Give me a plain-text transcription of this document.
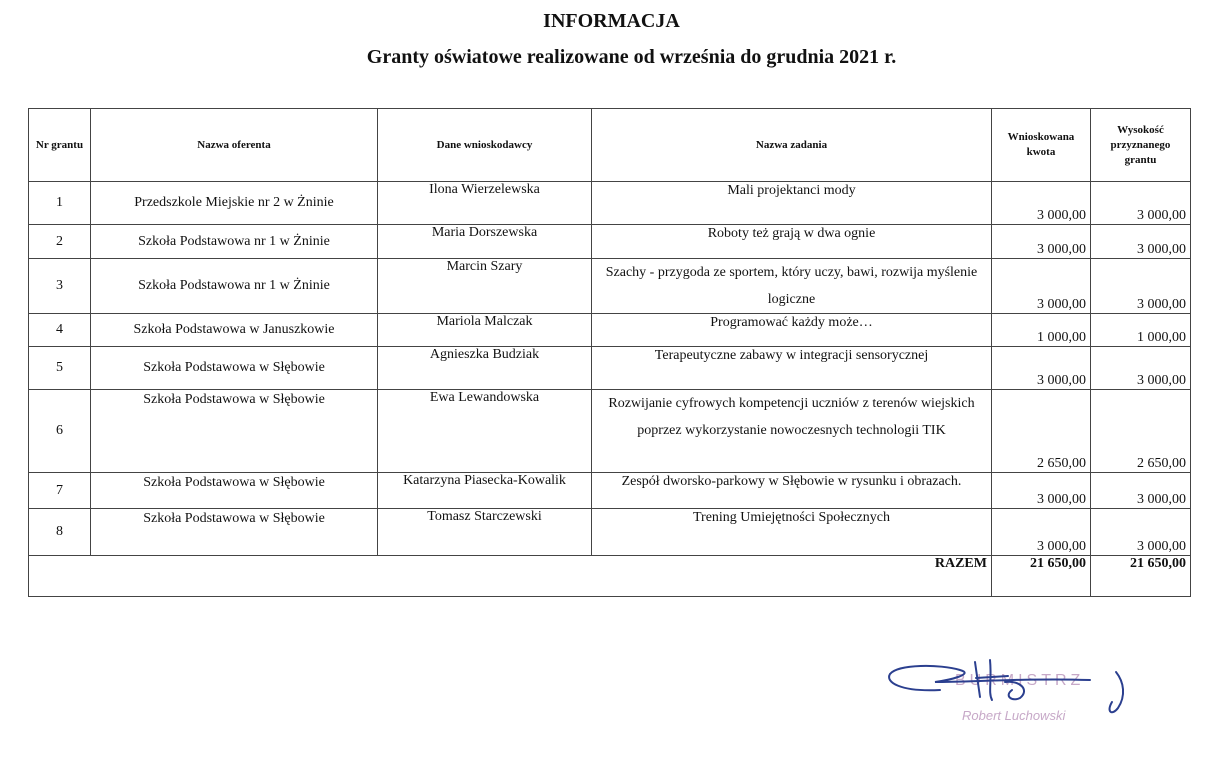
INFORMACJA
Granty oświatowe realizowane od września do grudnia 2021 r.
Nr grantu	Nazwa oferenta	Dane wnioskodawcy	Nazwa zadania	Wnioskowana kwota	Wysokość przyznanego grantu
1	Przedszkole Miejskie nr 2 w Żninie	Ilona Wierzelewska	Mali projektanci mody	3 000,00	3 000,00
2	Szkoła Podstawowa nr 1 w Żninie	Maria Dorszewska	Roboty też grają w dwa ognie	3 000,00	3 000,00
3	Szkoła Podstawowa nr 1 w Żninie	Marcin Szary	Szachy - przygoda ze sportem, który uczy, bawi, rozwija myślenie logiczne	3 000,00	3 000,00
4	Szkoła Podstawowa w Januszkowie	Mariola Malczak	Programować każdy może…	1 000,00	1 000,00
5	Szkoła Podstawowa w Słębowie	Agnieszka Budziak	Terapeutyczne zabawy w integracji sensorycznej	3 000,00	3 000,00
6	Szkoła Podstawowa w Słębowie	Ewa Lewandowska	Rozwijanie cyfrowych kompetencji uczniów z terenów wiejskich poprzez wykorzystanie nowoczesnych technologii TIK	2 650,00	2 650,00
7	Szkoła Podstawowa w Słębowie	Katarzyna Piasecka-Kowalik	Zespół dworsko-parkowy w Słębowie w rysunku i obrazach.	3 000,00	3 000,00
8	Szkoła Podstawowa w Słębowie	Tomasz Starczewski	Trening Umiejętności Społecznych	3 000,00	3 000,00
RAZEM				21 650,00	21 650,00
BURMISTRZ
Robert Luchowski
